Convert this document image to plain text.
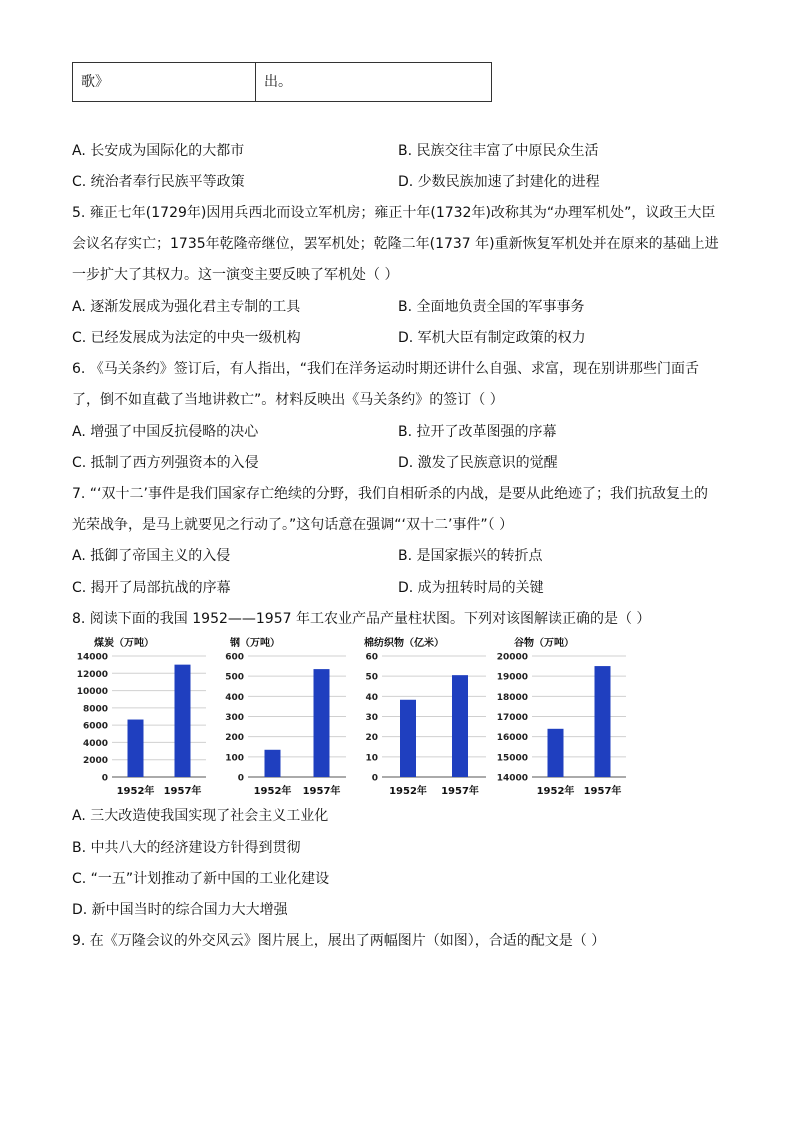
歌》	出。
A. 长安成为国际化的大都市	B. 民族交往丰富了中原民众生活
C. 统治者奉行民族平等政策	D. 少数民族加速了封建化的进程
5. 雍正七年(1729年)因用兵西北而设立军机房；雍正十年(1732年)改称其为“办理军机处”，议政王大臣
会议名存实亡；1735年乾隆帝继位，罢军机处；乾隆二年(1737 年)重新恢复军机处并在原来的基础上进
一步扩大了其权力。这一演变主要反映了军机处（ ）
A. 逐渐发展成为强化君主专制的工具	B. 全面地负责全国的军事事务
C. 已经发展成为法定的中央一级机构	D. 军机大臣有制定政策的权力
6. 《马关条约》签订后，有人指出，“我们在洋务运动时期还讲什么自强、求富，现在别讲那些门面舌
了，倒不如直截了当地讲救亡”。材料反映出《马关条约》的签订（ ）
A. 增强了中国反抗侵略的决心	B. 拉开了改革图强的序幕
C. 抵制了西方列强资本的入侵	D. 激发了民族意识的觉醒
7. “‘双十二’事件是我们国家存亡绝续的分野，我们自相斫杀的内战，是要从此绝迹了；我们抗敌复土的
光荣战争，是马上就要见之行动了。”这句话意在强调“‘双十二’事件”（ ）
A. 抵御了帝国主义的入侵	B. 是国家振兴的转折点
C. 揭开了局部抗战的序幕	D. 成为扭转时局的关键
8. 阅读下面的我国 1952——1957 年工农业产品产量柱状图。下列对该图解读正确的是（ ）
煤炭（万吨）
0
2000
4000
6000
8000
10000
12000
14000
1952年 1957年
钢（万吨）
0
100
200
300
400
500
600
1952年 1957年
棉纺织物（亿米）
0
10
20
30
40
50
60
1952年 1957年
谷物（万吨）
14000
15000
16000
17000
18000
19000
20000
1952年 1957年
A. 三大改造使我国实现了社会主义工业化
B. 中共八大的经济建设方针得到贯彻
C. “一五”计划推动了新中国的工业化建设
D. 新中国当时的综合国力大大增强
9. 在《万隆会议的外交风云》图片展上，展出了两幅图片（如图），合适的配文是（ ）
